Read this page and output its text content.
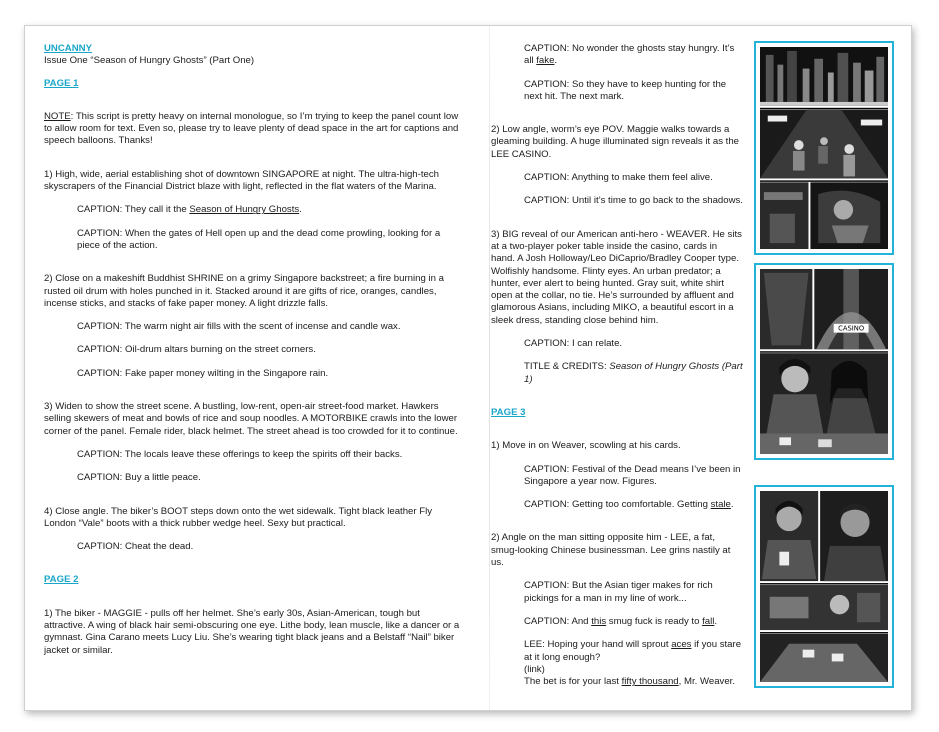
UNCANNY

Issue One “Season of Hungry Ghosts” (Part One)

PAGE 1

NOTE: This script is pretty heavy on internal monologue, so I’m trying to keep the panel count low to allow room for text. Even so, please try to leave plenty of dead space in the art for captions and speech balloons. Thanks!

1) High, wide, aerial establishing shot of downtown SINGAPORE at night. The ultra-high-tech skyscrapers of the Financial District blaze with light, reflected in the flat waters of the Marina.

CAPTION: They call it the Season of Hungry Ghosts.

CAPTION: When the gates of Hell open up and the dead come prowling, looking for a piece of the action.

2) Close on a makeshift Buddhist SHRINE on a grimy Singapore backstreet; a fire burning in a rusted oil drum with holes punched in it. Stacked around it are gifts of rice, oranges, candles, incense sticks, and stacks of fake paper money. A light drizzle falls.

CAPTION: The warm night air fills with the scent of incense and candle wax.

CAPTION: Oil-drum altars burning on the street corners.

CAPTION: Fake paper money wilting in the Singapore rain.

3) Widen to show the street scene. A bustling, low-rent, open-air street-food market. Hawkers selling skewers of meat and bowls of rice and soup noodles. A MOTORBIKE crawls into the lower corner of the panel. Female rider, black helmet. The street ahead is too crowded for it to continue.

CAPTION: The locals leave these offerings to keep the spirits off their backs.

CAPTION: Buy a little peace.

4) Close angle. The biker’s BOOT steps down onto the wet sidewalk. Tight black leather Fly London “Vale” boots with a thick rubber wedge heel. Sexy but practical.

CAPTION: Cheat the dead.

PAGE 2

1) The biker - MAGGIE - pulls off her helmet. She’s early 30s, Asian-American, tough but attractive. A wing of black hair semi-obscuring one eye. Lithe body, lean muscle, like a dancer or a gymnast. Gina Carano meets Lucy Liu. She’s wearing tight black jeans and a Belstaff “Nail” biker jacket or similar.

CAPTION: No wonder the ghosts stay hungry. It’s all fake.

CAPTION: So they have to keep hunting for the next hit. The next mark.

2) Low angle, worm’s eye POV. Maggie walks towards a gleaming building. A huge illuminated sign reveals it as the LEE CASINO.

CAPTION: Anything to make them feel alive.

CAPTION: Until it’s time to go back to the shadows.

3) BIG reveal of our American anti-hero - WEAVER. He sits at a two-player poker table inside the casino, cards in hand. A Josh Holloway/Leo DiCaprio/Bradley Cooper type. Wolfishly handsome. Flinty eyes. An urban predator; a hunter, ever alert to being hunted. Gray suit, white shirt open at the collar, no tie. He’s surrounded by affluent and glamorous Asians, including MIKO, a beautiful escort in a sleek dress, standing close behind him.

CAPTION: I can relate.

TITLE & CREDITS: Season of Hungry Ghosts (Part 1)

PAGE 3

1) Move in on Weaver, scowling at his cards.

CAPTION: Festival of the Dead means I’ve been in Singapore a year now. Figures.

CAPTION: Getting too comfortable. Getting stale.

2) Angle on the man sitting opposite him - LEE, a fat, smug-looking Chinese businessman. Lee grins nastily at us.

CAPTION: But the Asian tiger makes for rich pickings for a man in my line of work...

CAPTION: And this smug fuck is ready to fall.

LEE: Hoping your hand will sprout aces if you stare at it long enough?

(link)

The bet is for your last fifty thousand, Mr. Weaver.

CASINO
